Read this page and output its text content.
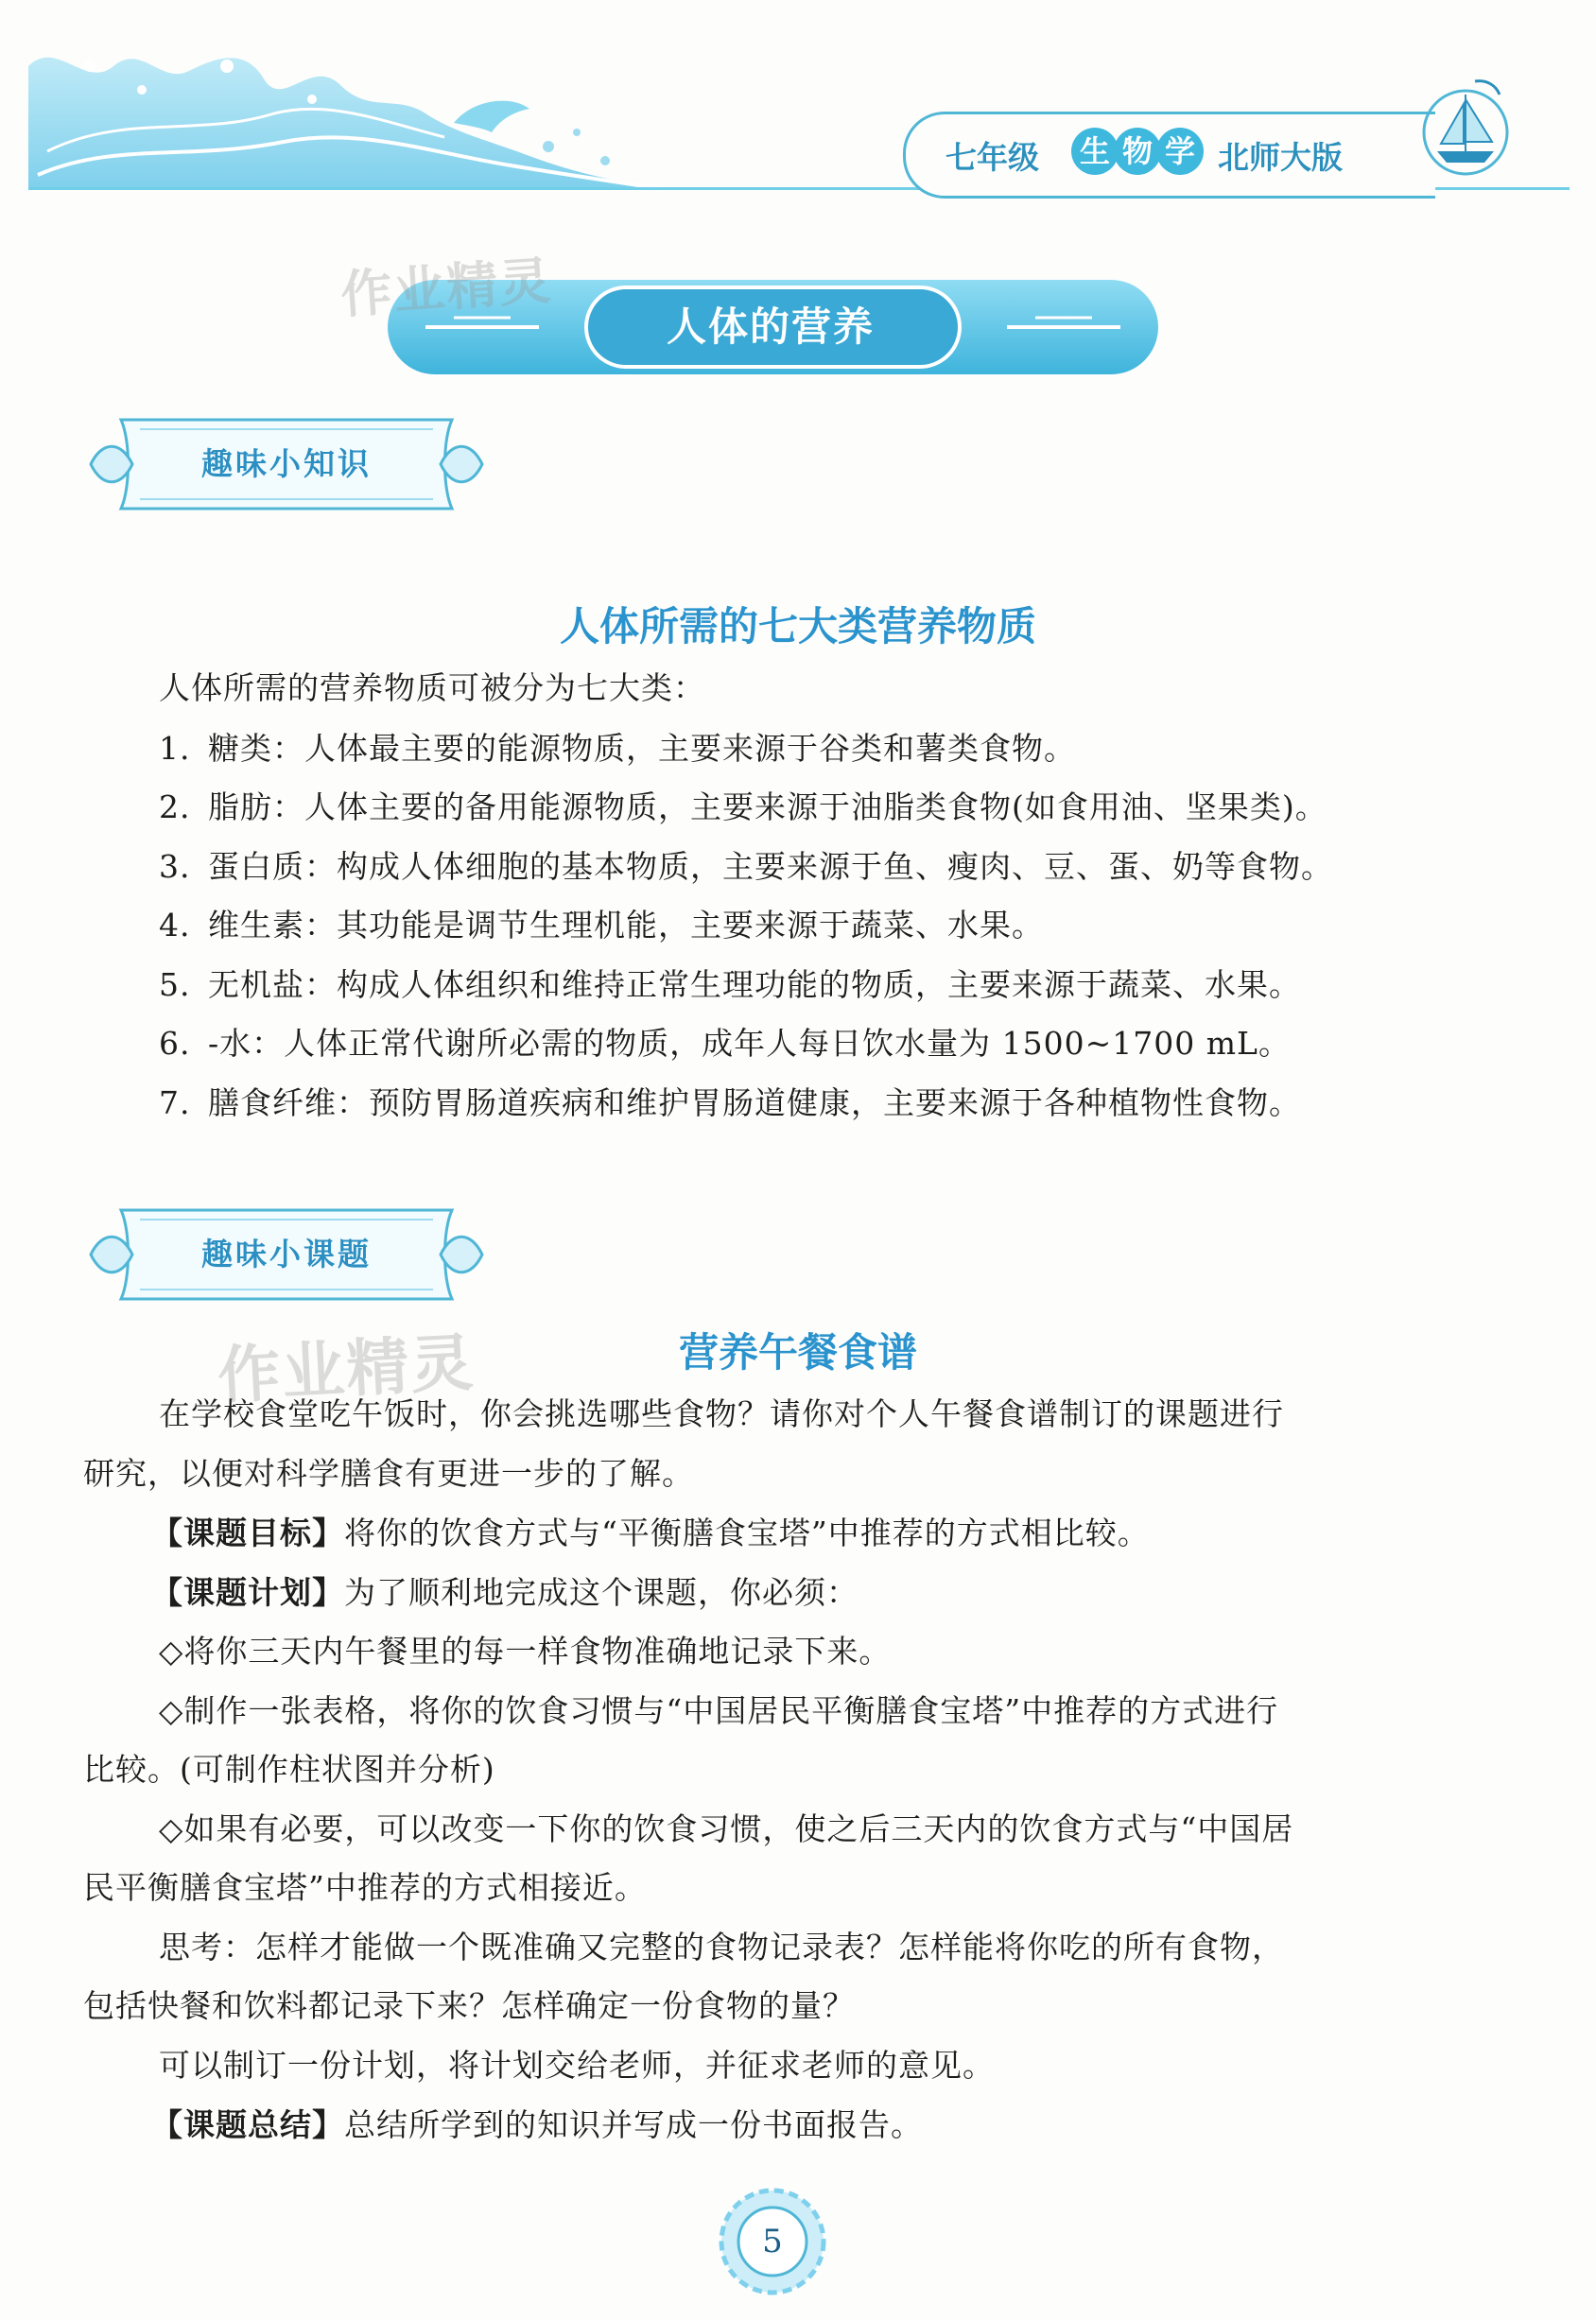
七年级 生 物 学 北师大版
人体的营养
作业精灵
趣味小知识
人体所需的七大类营养物质
人体所需的营养物质可被分为七大类：
1. 糖类：人体最主要的能源物质，主要来源于谷类和薯类食物。
2. 脂肪：人体主要的备用能源物质，主要来源于油脂类食物(如食用油、坚果类)。
3. 蛋白质：构成人体细胞的基本物质，主要来源于鱼、瘦肉、豆、蛋、奶等食物。
4. 维生素：其功能是调节生理机能，主要来源于蔬菜、水果。
5. 无机盐：构成人体组织和维持正常生理功能的物质，主要来源于蔬菜、水果。
6. -水：人体正常代谢所必需的物质，成年人每日饮水量为 1500~1700 mL。
7. 膳食纤维：预防胃肠道疾病和维护胃肠道健康，主要来源于各种植物性食物。
趣味小课题
营养午餐食谱
作业精灵
在学校食堂吃午饭时，你会挑选哪些食物？请你对个人午餐食谱制订的课题进行
研究，以便对科学膳食有更进一步的了解。
【课题目标】将你的饮食方式与“平衡膳食宝塔”中推荐的方式相比较。
【课题计划】为了顺利地完成这个课题，你必须：
◇将你三天内午餐里的每一样食物准确地记录下来。
◇制作一张表格，将你的饮食习惯与“中国居民平衡膳食宝塔”中推荐的方式进行
比较。(可制作柱状图并分析)
◇如果有必要，可以改变一下你的饮食习惯，使之后三天内的饮食方式与“中国居
民平衡膳食宝塔”中推荐的方式相接近。
思考：怎样才能做一个既准确又完整的食物记录表？怎样能将你吃的所有食物，
包括快餐和饮料都记录下来？怎样确定一份食物的量？
可以制订一份计划，将计划交给老师，并征求老师的意见。
【课题总结】总结所学到的知识并写成一份书面报告。
5
